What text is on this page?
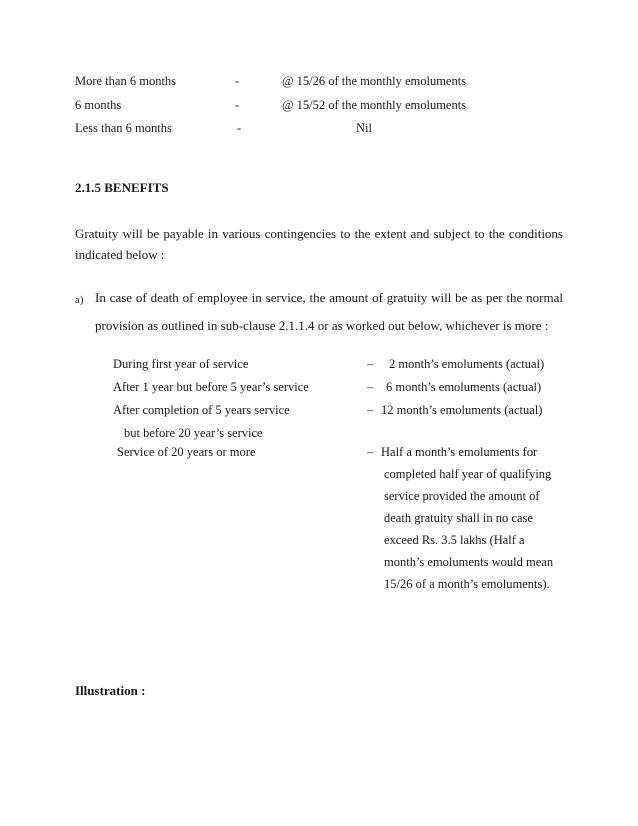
More than 6 months	-	@ 15/26 of the monthly emoluments
6 months	-	@ 15/52 of the monthly emoluments
Less than 6 months	-	Nil
2.1.5 BENEFITS
Gratuity will be payable in various contingencies to the extent and subject to the conditions
indicated below :
a) In case of death of employee in service, the amount of gratuity will be as per the normal
provision as outlined in sub-clause 2.1.1.4 or as worked out below, whichever is more :
During first year of service	– 2 month’s emoluments (actual)
After 1 year but before 5 year’s service	– 6 month’s emoluments (actual)
After completion of 5 years service	– 12 month’s emoluments (actual)
but before 20 year’s service
Service of 20 years or more	– Half a month’s emoluments for
completed half year of qualifying
service provided the amount of
death gratuity shall in no case
exceed Rs. 3.5 lakhs (Half a
month’s emoluments would mean
15/26 of a month’s emoluments).
Illustration :
